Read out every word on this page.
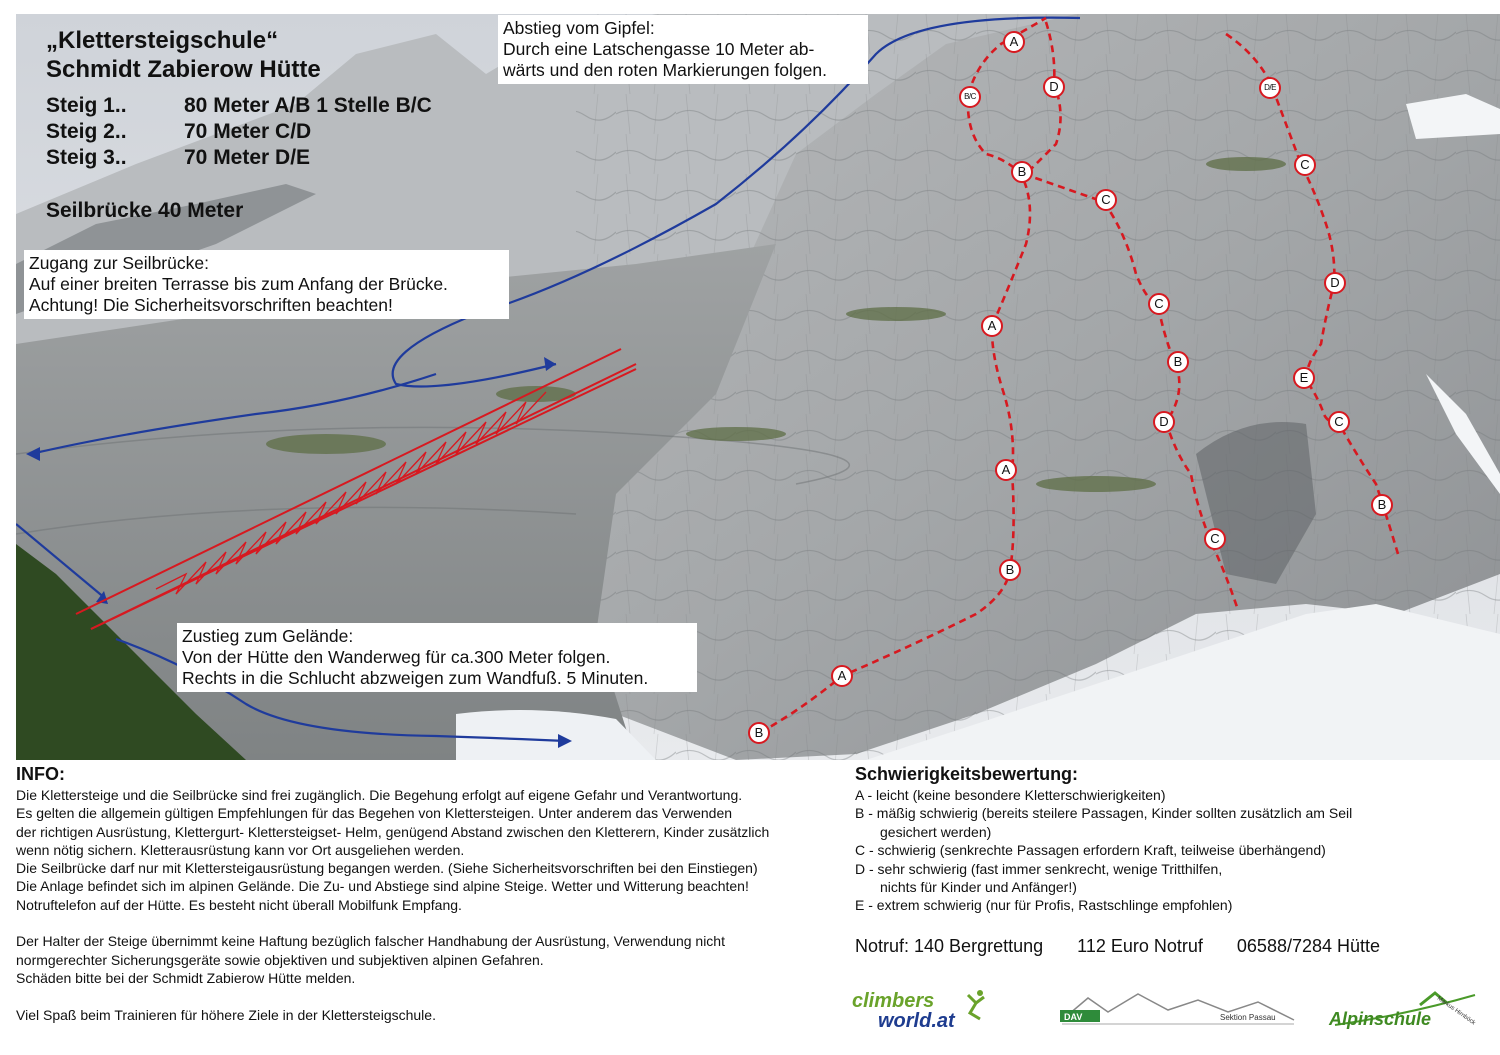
„Klettersteigschule“
Schmidt Zabierow Hütte
Steig 1..	80 Meter A/B 1 Stelle B/C
Steig 2..	70 Meter C/D
Steig 3..	70 Meter D/E
Seilbrücke 40 Meter
Abstieg vom Gipfel:
Durch eine Latschengasse 10 Meter ab-
wärts und den roten Markierungen folgen.
Zugang zur Seilbrücke:
Auf einer breiten Terrasse bis zum Anfang der Brücke.
Achtung! Die Sicherheitsvorschriften beachten!
Zustieg zum Gelände:
Von der Hütte den Wanderweg für ca.300 Meter folgen.
Rechts in die Schlucht abzweigen zum Wandfuß. 5 Minuten.
A
D
B/C
B
C
A
C
B
D
A
B
A
B
D/E
C
D
E
C
C
B
INFO:

Die Klettersteige und die Seilbrücke sind frei zugänglich. Die Begehung erfolgt auf eigene Gefahr und Verantwortung.

Es gelten die allgemein gültigen Empfehlungen für das Begehen von Klettersteigen. Unter anderem das Verwenden

der richtigen Ausrüstung, Klettergurt- Klettersteigset- Helm, genügend Abstand zwischen den Kletterern, Kinder zusätzlich

wenn nötig sichern. Kletterausrüstung kann vor Ort ausgeliehen werden.

Die Seilbrücke darf nur mit Klettersteigausrüstung begangen werden. (Siehe Sicherheitsvorschriften bei den Einstiegen)

Die Anlage befindet sich im alpinen Gelände. Die Zu- und Abstiege sind alpine Steige. Wetter und Witterung beachten!

Notruftelefon auf der Hütte. Es besteht nicht überall Mobilfunk Empfang.

Der Halter der Steige übernimmt keine Haftung bezüglich falscher Handhabung der Ausrüstung, Verwendung nicht

normgerechter Sicherungsgeräte sowie objektiven und subjektiven alpinen Gefahren.

Schäden bitte bei der Schmidt Zabierow Hütte melden.

Viel Spaß beim Trainieren für höhere Ziele in der Klettersteigschule.

Schwierigkeitsbewertung:

A - leicht (keine besondere Kletterschwierigkeiten)

B - mäßig schwierig (bereits steilere Passagen, Kinder sollten zusätzlich am Seil

gesichert werden)

C - schwierig (senkrechte Passagen erfordern Kraft, teilweise überhängend)

D - sehr schwierig (fast immer senkrecht, wenige Tritthilfen,

nichts für Kinder und Anfänger!)

E - extrem schwierig (nur für Profis, Rastschlinge empfohlen)

Notruf: 140 Bergrettung 112 Euro Notruf 06588/7284 Hütte
climbers
world.at	DAV	Sektion Passau	Alpinschule Markus Hirnböck
